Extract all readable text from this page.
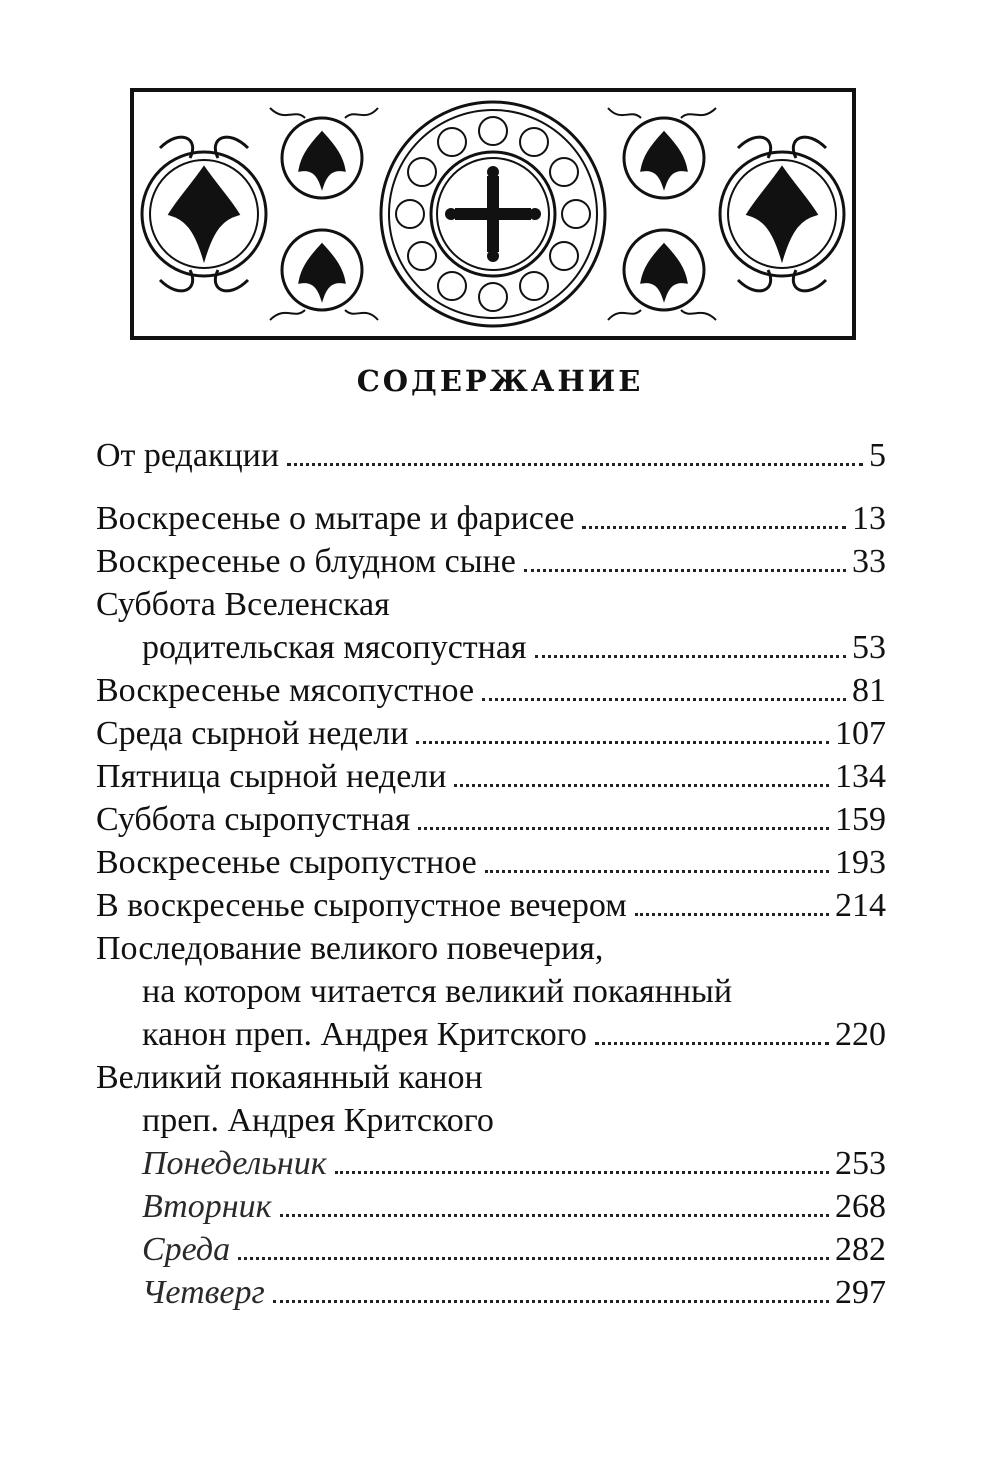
СОДЕРЖАНИЕ
От редакции	5
Воскресенье о мытаре и фарисее	13
Воскресенье о блудном сыне	33
Суббота Вселенская
родительская мясопустная	53
Воскресенье мясопустное	81
Среда сырной недели	107
Пятница сырной недели	134
Суббота сыропустная	159
Воскресенье сыропустное	193
В воскресенье сыропустное вечером	214
Последование великого повечерия,
на котором читается великий покаянный
канон преп. Андрея Критского	220
Великий покаянный канон
преп. Андрея Критского
Понедельник	253
Вторник	268
Среда	282
Четверг	297
